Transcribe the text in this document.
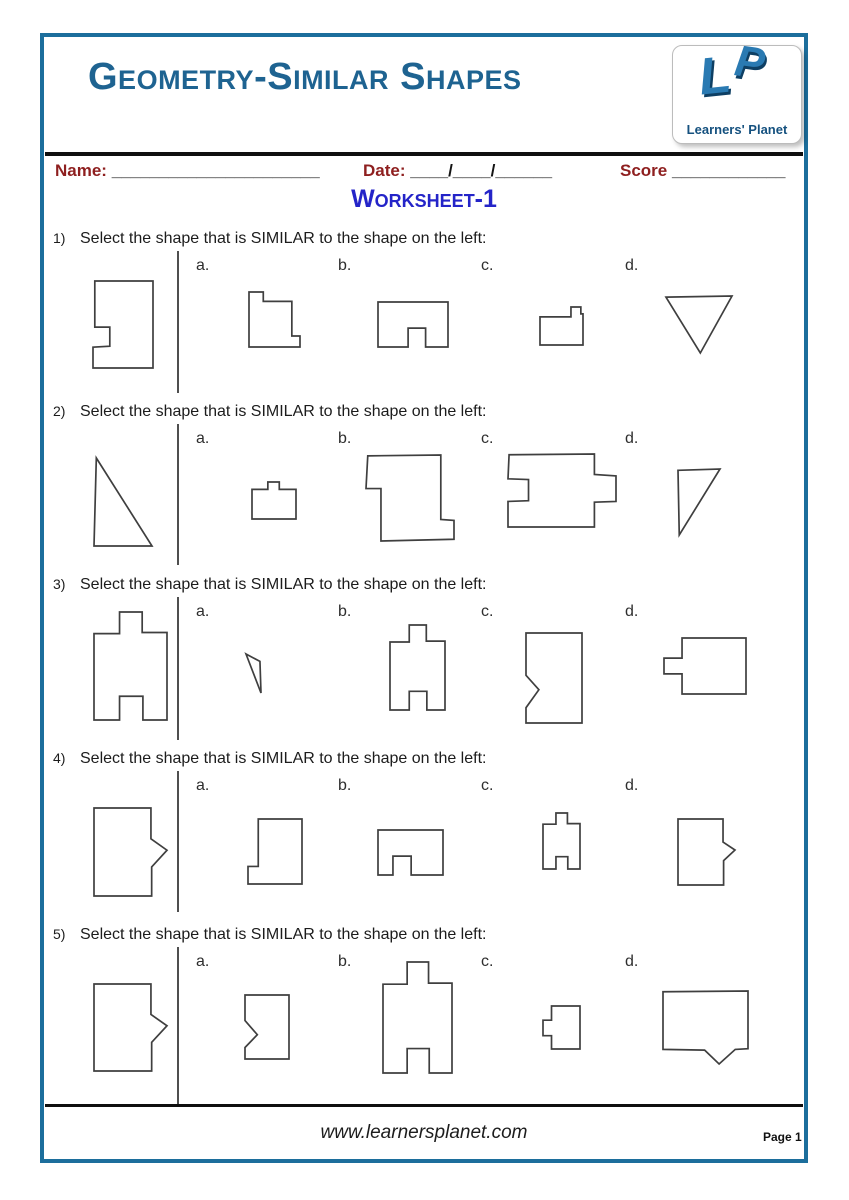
Geometry-Similar Shapes	L
P
Learners' Planet
Name: ______________________	Date: ____/____/______	Score ____________
Worksheet-1
1) Select the shape that is SIMILAR to the shape on the left:
a.	b.	c.	d.
2) Select the shape that is SIMILAR to the shape on the left:
a.	b.	c.	d.
3) Select the shape that is SIMILAR to the shape on the left:
a.	b.	c.	d.
4) Select the shape that is SIMILAR to the shape on the left:
a.	b.	c.	d.
5) Select the shape that is SIMILAR to the shape on the left:
a.	b.	c.	d.
www.learnersplanet.com	Page 1
